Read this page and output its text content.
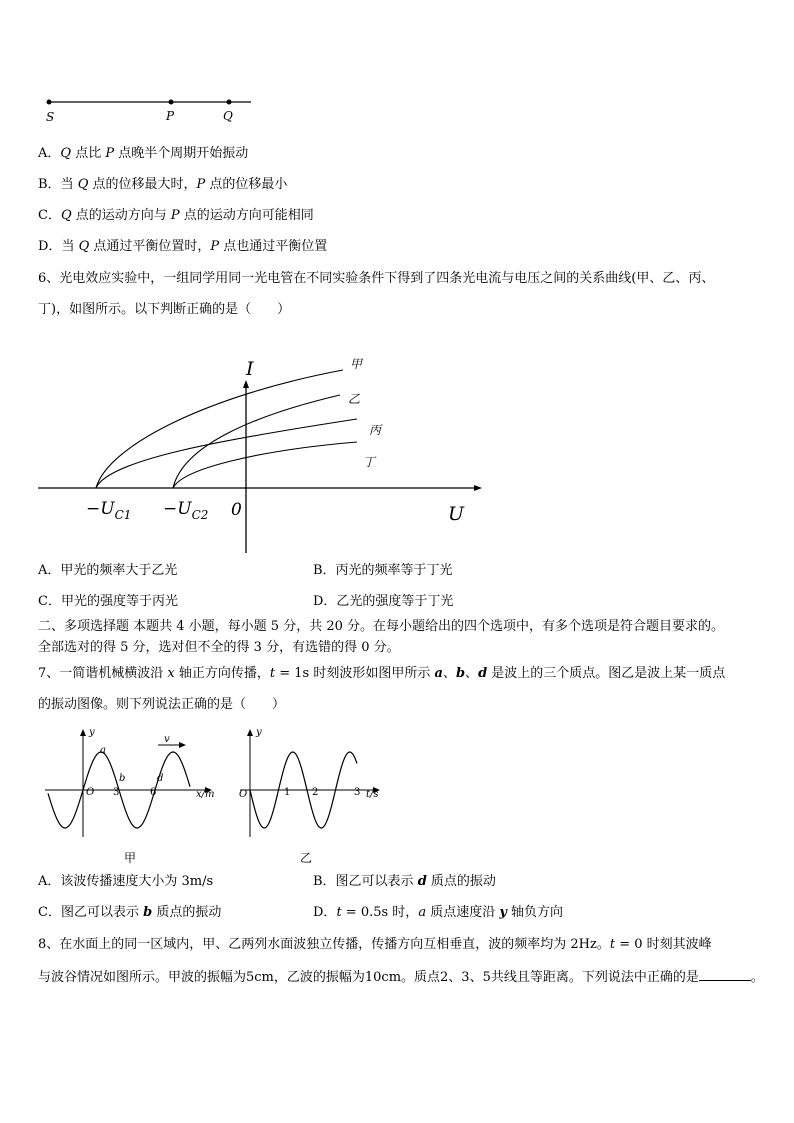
S	P	Q
A．Q 点比 P 点晚半个周期开始振动
B．当 Q 点的位移最大时，P 点的位移最小
C．Q 点的运动方向与 P 点的运动方向可能相同
D．当 Q 点通过平衡位置时，P 点也通过平衡位置
6、光电效应实验中，一组同学用同一光电管在不同实验条件下得到了四条光电流与电压之间的关系曲线(甲、乙、丙、
丁)，如图所示。以下判断正确的是（　　）
I
U
0
甲
乙
丙
丁
$-U_{C1} -U_{C2}$
A．甲光的频率大于乙光	B．丙光的频率等于丁光
C．甲光的强度等于丙光	D．乙光的强度等于丁光
二、多项选择题 本题共 4 小题，每小题 5 分，共 20 分。在每小题给出的四个选项中，有多个选项是符合题目要求的。
全部选对的得 5 分，选对但不全的得 3 分，有选错的得 0 分。
7、一简谐机械横波沿 x 轴正方向传播，t = 1s 时刻波形如图甲所示 a、b、d 是波上的三个质点。图乙是波上某一质点
的振动图像。则下列说法正确的是（　　）
y
x/m
O 3	6
a
b	d
v
甲
y
t/s
O	1 2	3
乙
A．该波传播速度大小为 3m/s	B．图乙可以表示 d 质点的振动
C．图乙可以表示 b 质点的振动	D．t = 0.5s 时，a 质点速度沿 y 轴负方向
8、在水面上的同一区域内，甲、乙两列水面波独立传播，传播方向互相垂直，波的频率均为 2Hz。t = 0 时刻其波峰
与波谷情况如图所示。甲波的振幅为5cm，乙波的振幅为10cm。质点2、3、5共线且等距离。下列说法中正确的是	。
